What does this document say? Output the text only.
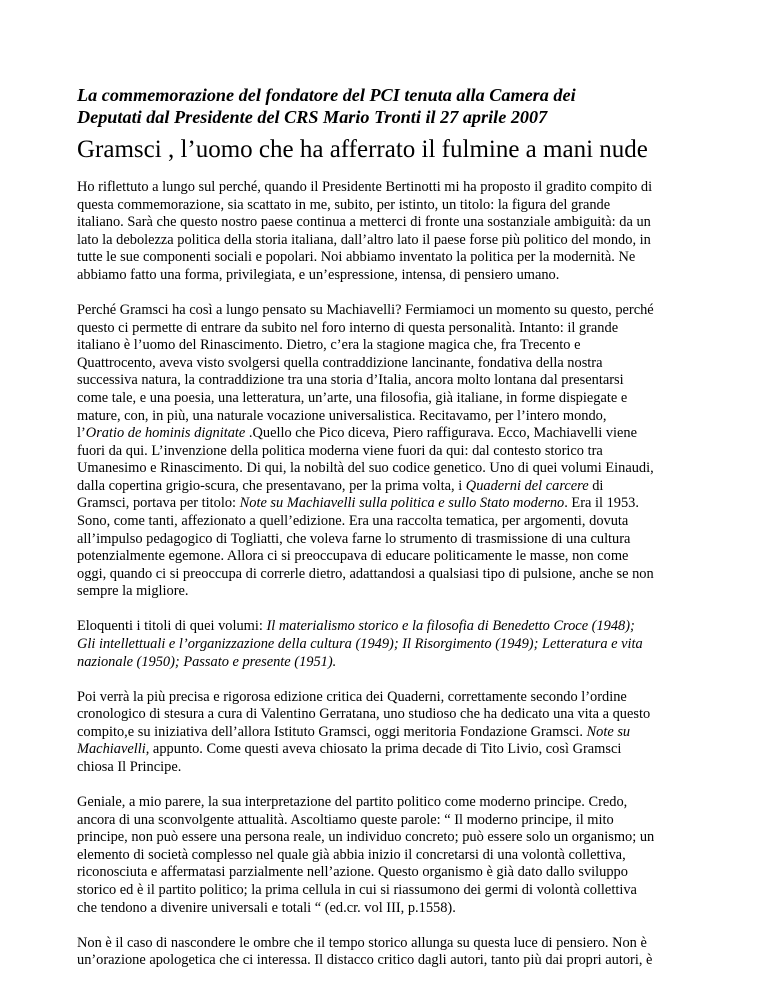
La commemorazione del fondatore del PCI tenuta alla Camera dei
Deputati dal Presidente del CRS Mario Tronti il 27 aprile 2007
Gramsci , l’uomo che ha afferrato il fulmine a mani nude

Ho riflettuto a lungo sul perché, quando il Presidente Bertinotti mi ha proposto il gradito compito di
questa commemorazione, sia scattato in me, subito, per istinto, un titolo: la figura del grande
italiano. Sarà che questo nostro paese continua a metterci di fronte una sostanziale ambiguità: da un
lato la debolezza politica della storia italiana, dall’altro lato il paese forse più politico del mondo, in
tutte le sue componenti sociali e popolari. Noi abbiamo inventato la politica per la modernità. Ne
abbiamo fatto una forma, privilegiata, e un’espressione, intensa, di pensiero umano.

Perché Gramsci ha così a lungo pensato su Machiavelli? Fermiamoci un momento su questo, perché
questo ci permette di entrare da subito nel foro interno di questa personalità. Intanto: il grande
italiano è l’uomo del Rinascimento. Dietro, c’era la stagione magica che, fra Trecento e
Quattrocento, aveva visto svolgersi quella contraddizione lancinante, fondativa della nostra
successiva natura, la contraddizione tra una storia d’Italia, ancora molto lontana dal presentarsi
come tale, e una poesia, una letteratura, un’arte, una filosofia, già italiane, in forme dispiegate e
mature, con, in più, una naturale vocazione universalistica. Recitavamo, per l’intero mondo,
l’Oratio de hominis dignitate .Quello che Pico diceva, Piero raffigurava. Ecco, Machiavelli viene
fuori da qui. L’invenzione della politica moderna viene fuori da qui: dal contesto storico tra
Umanesimo e Rinascimento. Di qui, la nobiltà del suo codice genetico. Uno di quei volumi Einaudi,
dalla copertina grigio-scura, che presentavano, per la prima volta, i Quaderni del carcere di
Gramsci, portava per titolo: Note su Machiavelli sulla politica e sullo Stato moderno. Era il 1953.
Sono, come tanti, affezionato a quell’edizione. Era una raccolta tematica, per argomenti, dovuta
all’impulso pedagogico di Togliatti, che voleva farne lo strumento di trasmissione di una cultura
potenzialmente egemone. Allora ci si preoccupava di educare politicamente le masse, non come
oggi, quando ci si preoccupa di correrle dietro, adattandosi a qualsiasi tipo di pulsione, anche se non
sempre la migliore.

Eloquenti i titoli di quei volumi: Il materialismo storico e la filosofia di Benedetto Croce (1948);
Gli intellettuali e l’organizzazione della cultura (1949); Il Risorgimento (1949); Letteratura e vita
nazionale (1950); Passato e presente (1951).

Poi verrà la più precisa e rigorosa edizione critica dei Quaderni, correttamente secondo l’ordine
cronologico di stesura a cura di Valentino Gerratana, uno studioso che ha dedicato una vita a questo
compito,e su iniziativa dell’allora Istituto Gramsci, oggi meritoria Fondazione Gramsci. Note su
Machiavelli, appunto. Come questi aveva chiosato la prima decade di Tito Livio, così Gramsci
chiosa Il Principe.

Geniale, a mio parere, la sua interpretazione del partito politico come moderno principe. Credo,
ancora di una sconvolgente attualità. Ascoltiamo queste parole: “ Il moderno principe, il mito
principe, non può essere una persona reale, un individuo concreto; può essere solo un organismo; un
elemento di società complesso nel quale già abbia inizio il concretarsi di una volontà collettiva,
riconosciuta e affermatasi parzialmente nell’azione. Questo organismo è già dato dallo sviluppo
storico ed è il partito politico; la prima cellula in cui si riassumono dei germi di volontà collettiva
che tendono a divenire universali e totali “ (ed.cr. vol III, p.1558).

Non è il caso di nascondere le ombre che il tempo storico allunga su questa luce di pensiero. Non è
un’orazione apologetica che ci interessa. Il distacco critico dagli autori, tanto più dai propri autori, è
